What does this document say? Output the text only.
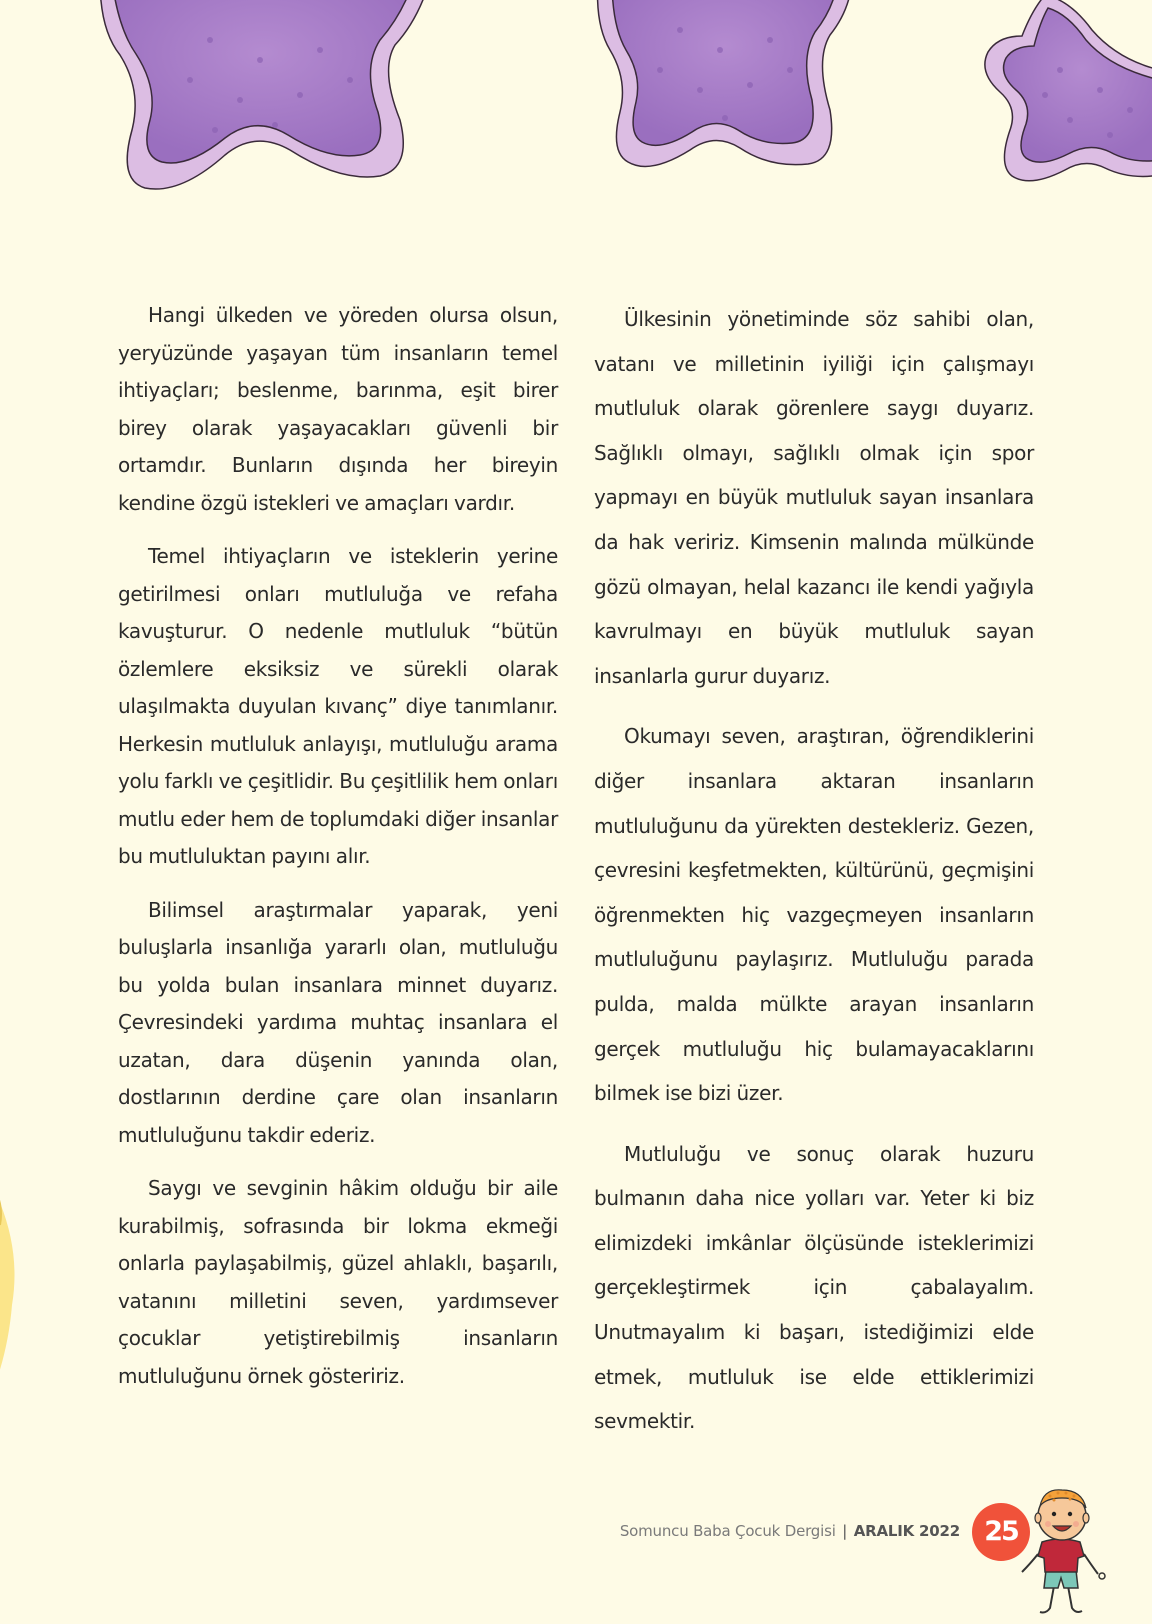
Hangi ülkeden ve yöreden olursa olsun, yeryüzünde yaşayan tüm insanların temel ihtiyaçları; beslenme, barınma, eşit birer birey olarak yaşayacakları güvenli bir ortamdır. Bunların dışında her bireyin kendine özgü istekleri ve amaçları vardır.

Temel ihtiyaçların ve isteklerin yerine getirilmesi onları mutluluğa ve refaha kavuşturur. O nedenle mutluluk “bütün özlemlere eksiksiz ve sürekli olarak ulaşılmakta duyulan kıvanç” diye tanımlanır. Herkesin mutluluk anlayışı, mutluluğu arama yolu farklı ve çeşitlidir. Bu çeşitlilik hem onları mutlu eder hem de toplumdaki diğer insanlar bu mutluluktan payını alır.

Bilimsel araştırmalar yaparak, yeni buluşlarla insanlığa yararlı olan, mutluluğu bu yolda bulan insanlara minnet duyarız. Çevresindeki yardıma muhtaç insanlara el uzatan, dara düşenin yanında olan, dostlarının derdine çare olan insanların mutluluğunu takdir ederiz.

Saygı ve sevginin hâkim olduğu bir aile kurabilmiş, sofrasında bir lokma ekmeği onlarla paylaşabilmiş, güzel ahlaklı, başarılı, vatanını milletini seven, yardımsever çocuklar yetiştirebilmiş insanların mutluluğunu örnek gösteririz.

Ülkesinin yönetiminde söz sahibi olan, vatanı ve milletinin iyiliği için çalışmayı mutluluk olarak görenlere saygı duyarız. Sağlıklı olmayı, sağlıklı olmak için spor yapmayı en büyük mutluluk sayan insanlara da hak veririz. Kimsenin malında mülkünde gözü olmayan, helal kazancı ile kendi yağıyla kavrulmayı en büyük mutluluk sayan insanlarla gurur duyarız.

Okumayı seven, araştıran, öğrendiklerini diğer insanlara aktaran insanların mutluluğunu da yürekten destekleriz. Gezen, çevresini keşfetmekten, kültürünü, geçmişini öğrenmekten hiç vazgeçmeyen insanların mutluluğunu paylaşırız. Mutluluğu parada pulda, malda mülkte arayan insanların gerçek mutluluğu hiç bulamayacaklarını bilmek ise bizi üzer.

Mutluluğu ve sonuç olarak huzuru bulmanın daha nice yolları var. Yeter ki biz elimizdeki imkânlar ölçüsünde isteklerimizi gerçekleştirmek için çabalayalım. Unutmayalım ki başarı, istediğimizi elde etmek, mutluluk ise elde ettiklerimizi sevmektir.

Somuncu Baba Çocuk Dergisi | ARALIK 2022 25
